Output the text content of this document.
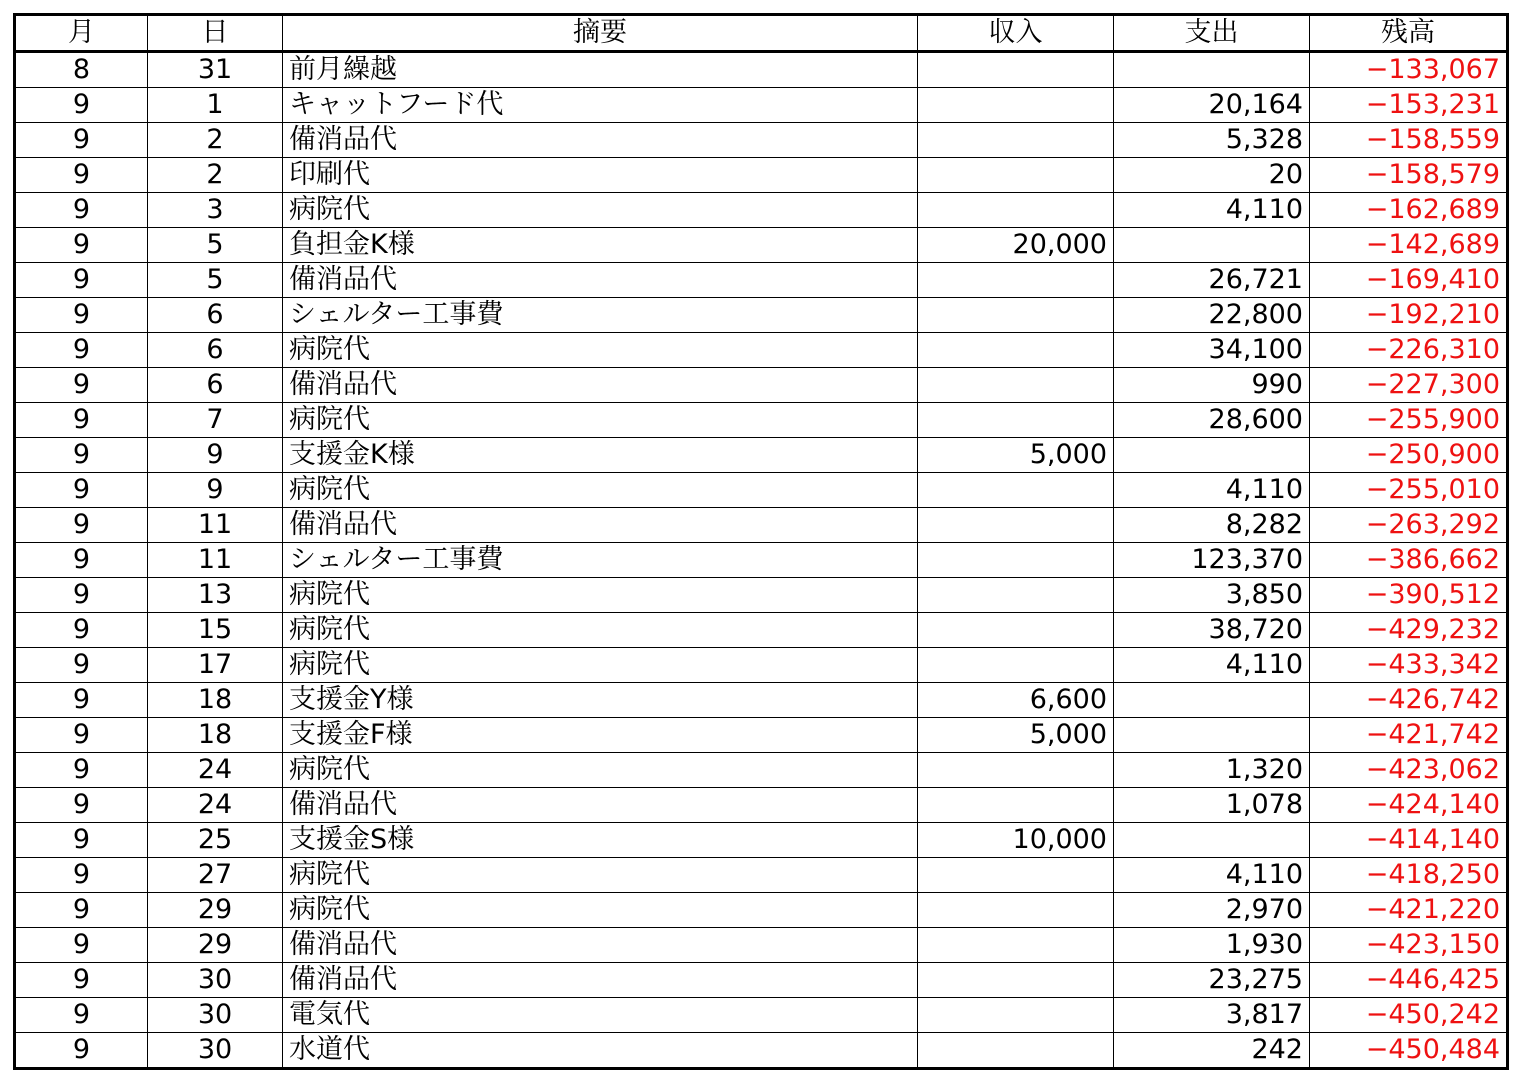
月	日	摘要	収入	支出	残高
8	31	前月繰越			−133,067
9	1	キャットフード代		20,164	−153,231
9	2	備消品代		5,328	−158,559
9	2	印刷代		20	−158,579
9	3	病院代		4,110	−162,689
9	5	負担金K様	20,000		−142,689
9	5	備消品代		26,721	−169,410
9	6	シェルター工事費		22,800	−192,210
9	6	病院代		34,100	−226,310
9	6	備消品代		990	−227,300
9	7	病院代		28,600	−255,900
9	9	支援金K様	5,000		−250,900
9	9	病院代		4,110	−255,010
9	11	備消品代		8,282	−263,292
9	11	シェルター工事費		123,370	−386,662
9	13	病院代		3,850	−390,512
9	15	病院代		38,720	−429,232
9	17	病院代		4,110	−433,342
9	18	支援金Y様	6,600		−426,742
9	18	支援金F様	5,000		−421,742
9	24	病院代		1,320	−423,062
9	24	備消品代		1,078	−424,140
9	25	支援金S様	10,000		−414,140
9	27	病院代		4,110	−418,250
9	29	病院代		2,970	−421,220
9	29	備消品代		1,930	−423,150
9	30	備消品代		23,275	−446,425
9	30	電気代		3,817	−450,242
9	30	水道代		242	−450,484
